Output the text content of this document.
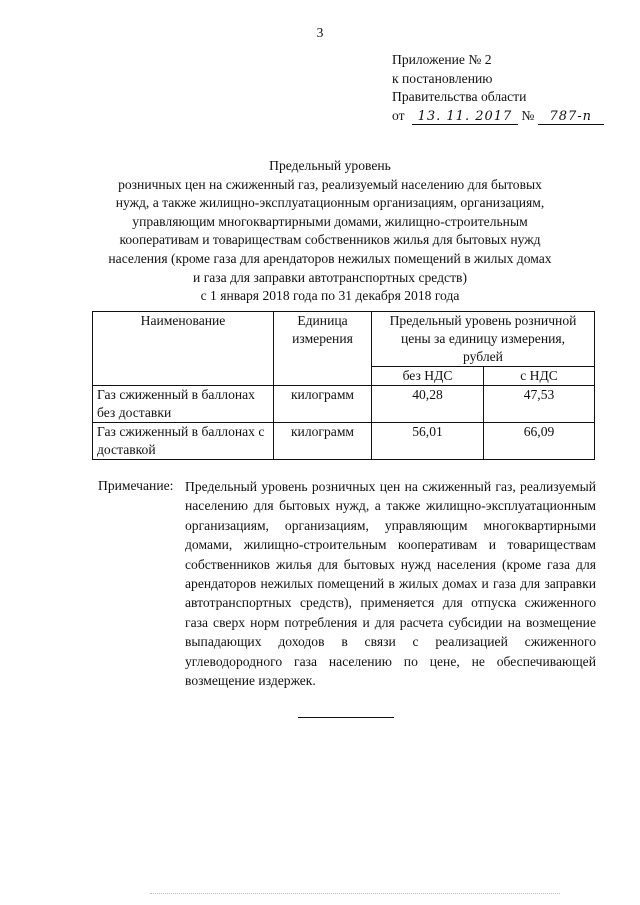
3
Приложение № 2
к постановлению
Правительства области
от 13. 11. 2017 № 787-п
Предельный уровень
розничных цен на сжиженный газ, реализуемый населению для бытовых
нужд, а также жилищно-эксплуатационным организациям, организациям,
управляющим многоквартирными домами, жилищно-строительным
кооперативам и товариществам собственников жилья для бытовых нужд
населения (кроме газа для арендаторов нежилых помещений в жилых домах
и газа для заправки автотранспортных средств)
с 1 января 2018 года по 31 декабря 2018 года
Наименование	Единица измерения	Предельный уровень розничной цены за единицу измерения, рублей	
		без НДС	с НДС
Газ сжиженный в баллонах без доставки	килограмм	40,28	47,53
Газ сжиженный в баллонах с доставкой	килограмм	56,01	66,09
Примечание: Предельный уровень розничных цен на сжиженный газ, реализуемый населению для бытовых нужд, а также жилищно-эксплуатационным организациям, организациям, управляющим многоквартирными домами, жилищно-строительным кооперативам и товариществам собственников жилья для бытовых нужд населения (кроме газа для арендаторов нежилых помещений в жилых домах и газа для заправки автотранспортных средств), применяется для отпуска сжиженного газа сверх норм потребления и для расчета субсидии на возмещение выпадающих доходов в связи с реализацией сжиженного углеводородного газа населению по цене, не обеспечивающей возмещение издержек.
